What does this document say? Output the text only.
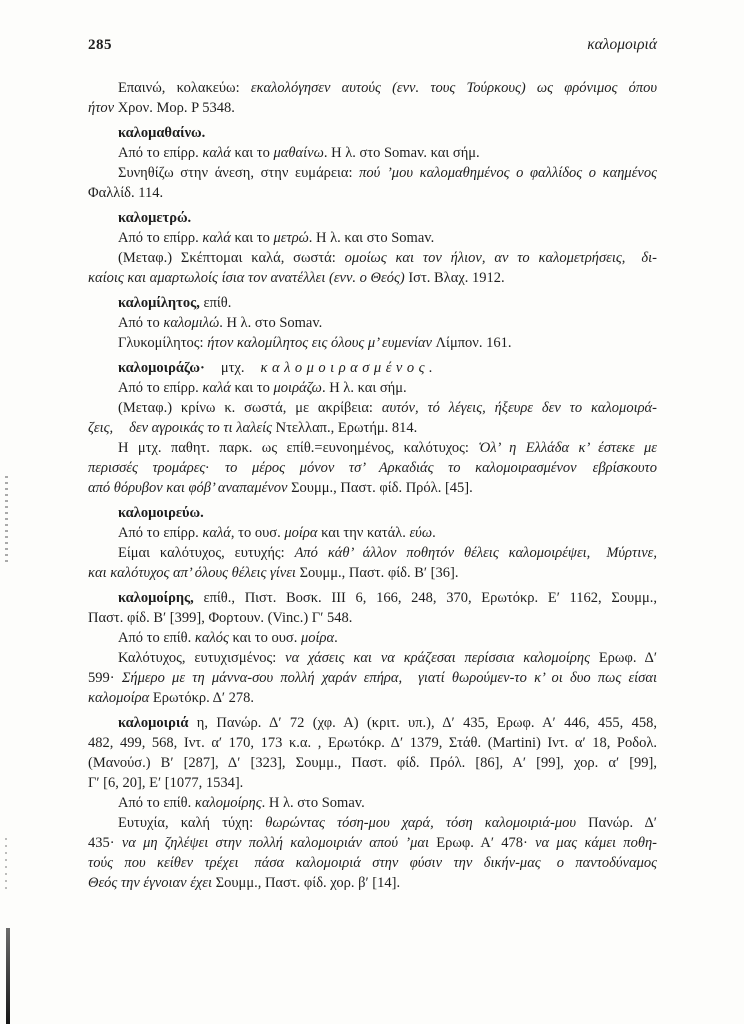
285	καλομοιριά
Επαινώ, κολακεύω: εκαλολόγησεν αυτούς (ενν. τους Τούρκους) ως φρόνιμος όπου
ήτον Χρον. Μορ. P 5348.
καλομαθαίνω.
Από το επίρρ. καλά και το μαθαίνω. Η λ. στο Somav. και σήμ.
Συνηθίζω στην άνεση, στην ευμάρεια: πού ’μου καλομαθημένος ο φαλλίδος ο καημένος
Φαλλίδ. 114.
καλομετρώ.
Από το επίρρ. καλά και το μετρώ. Η λ. και στο Somav.
(Μεταφ.) Σκέπτομαι καλά, σωστά: ομοίως και τον ήλιον, αν το καλομετρήσεις, δι-
καίοις και αμαρτωλοίς ίσια τον ανατέλλει (ενν. ο Θεός) Ιστ. Βλαχ. 1912.
καλομίλητος, επίθ.
Από το καλομιλώ. Η λ. στο Somav.
Γλυκομίλητος: ήτον καλομίλητος εις όλους μ’ ευμενίαν Λίμπον. 161.
καλομοιράζω· μτχ. καλομοιρασμένος.
Από το επίρρ. καλά και το μοιράζω. Η λ. και σήμ.
(Μεταφ.) κρίνω κ. σωστά, με ακρίβεια: αυτόν, τό λέγεις, ήξευρε δεν το καλομοιρά-
ζεις, δεν αγροικάς το τι λαλείς Ντελλαπ., Ερωτήμ. 814.
Η μτχ. παθητ. παρκ. ως επίθ.=ευνοημένος, καλότυχος: Ὁλ’ η Ελλάδα κ’ έστεκε με
περισσές τρομάρες· το μέρος μόνον τσ’ Αρκαδιάς το καλομοιρασμένον εβρίσκουτο
από θόρυβον και φόβ’ αναπαμένον Σουμμ., Παστ. φίδ. Πρόλ. [45].
καλομοιρεύω.
Από το επίρρ. καλά, το ουσ. μοίρα και την κατάλ. εύω.
Είμαι καλότυχος, ευτυχής: Από κάθ’ άλλον ποθητόν θέλεις καλομοιρέψει, Μύρτινε,
και καλότυχος απ’ όλους θέλεις γίνει Σουμμ., Παστ. φίδ. Β′ [36].
καλομοίρης, επίθ., Πιστ. Βοσκ. III 6, 166, 248, 370, Ερωτόκρ. Ε′ 1162, Σουμμ.,
Παστ. φίδ. Β′ [399], Φορτουν. (Vinc.) Γ′ 548.
Από το επίθ. καλός και το ουσ. μοίρα.
Καλότυχος, ευτυχισμένος: να χάσεις και να κράζεσαι περίσσια καλομοίρης Ερωφ. Δ′
599· Σήμερο με τη μάννα-σου πολλή χαράν επήρα, γιατί θωρούμεν-το κ’ οι δυο πως είσαι
καλομοίρα Ερωτόκρ. Δ′ 278.
καλομοιριά η, Πανώρ. Δ′ 72 (χφ. Α) (κριτ. υπ.), Δ′ 435, Ερωφ. Α′ 446, 455, 458,
482, 499, 568, Ιντ. α′ 170, 173 κ.α. , Ερωτόκρ. Δ′ 1379, Στάθ. (Martini) Ιντ. α′ 18, Ροδολ.
(Μανούσ.) Β′ [287], Δ′ [323], Σουμμ., Παστ. φίδ. Πρόλ. [86], Α′ [99], χορ. α′ [99],
Γ′ [6, 20], Ε′ [1077, 1534].
Από το επίθ. καλομοίρης. Η λ. στο Somav.
Ευτυχία, καλή τύχη: θωρώντας τόση-μου χαρά, τόση καλομοιριά-μου Πανώρ. Δ′
435· να μη ζηλέψει στην πολλή καλομοιριάν απού ’μαι Ερωφ. Α′ 478· να μας κάμει ποθη-
τούς που κείθεν τρέχει πάσα καλομοιριά στην φύσιν την δικήν-μας ο παντοδύναμος
Θεός την έγνοιαν έχει Σουμμ., Παστ. φίδ. χορ. β′ [14].
